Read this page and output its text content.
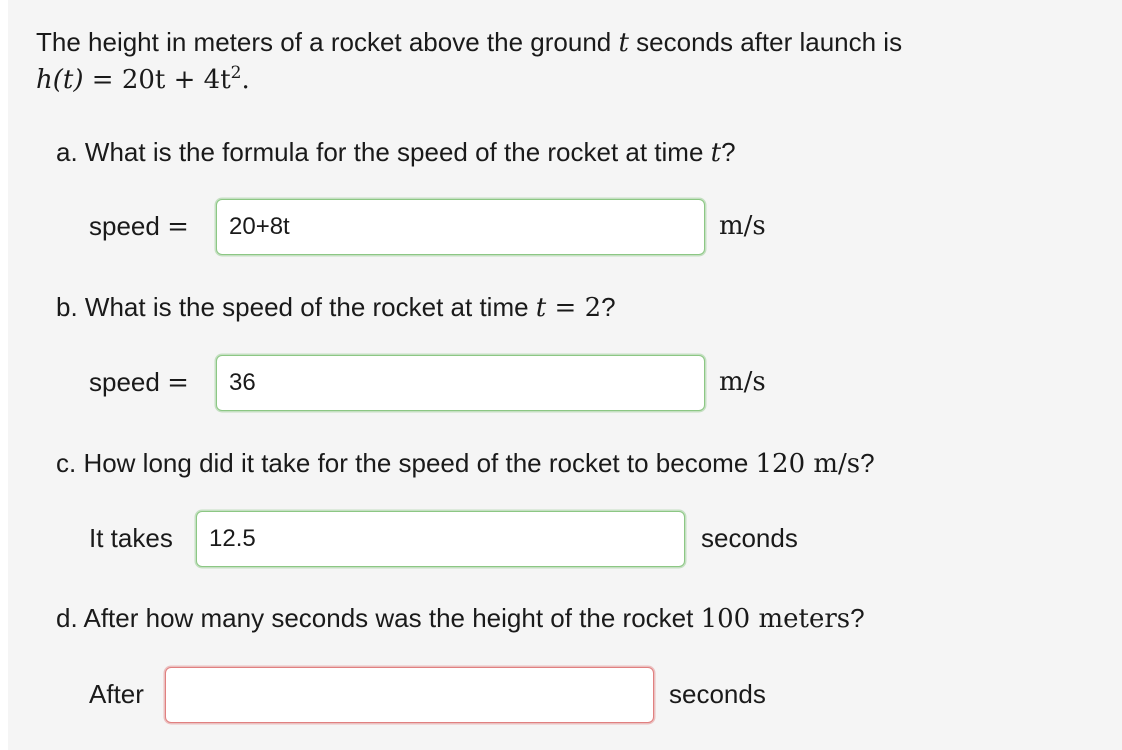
The height in meters of a rocket above the ground t seconds after launch is
$h(t) = 20t + 4t^2$.
a. What is the formula for the speed of the rocket at time t?
speed =
20+8t	m/s
b. What is the speed of the rocket at time t = 2?
speed =
36	m/s
c. How long did it take for the speed of the rocket to become 120 m/s?
It takes
12.5	seconds
d. After how many seconds was the height of the rocket 100 meters?
After	seconds
